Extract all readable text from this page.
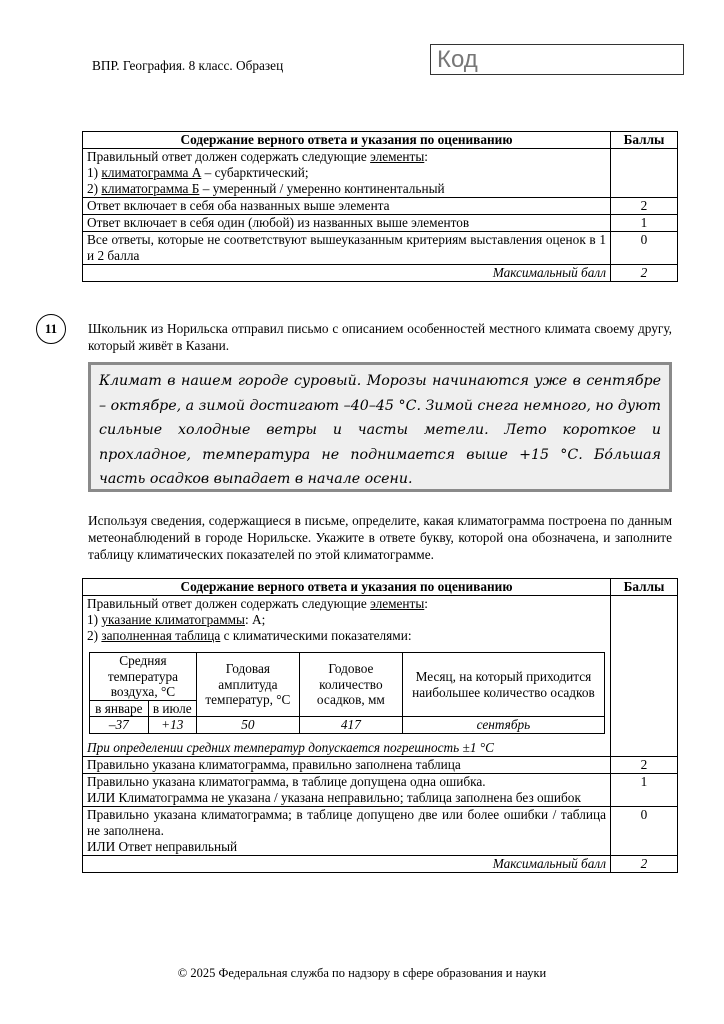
ВПР. География. 8 класс. Образец	Код
Содержание верного ответа и указания по оцениванию	Баллы
Правильный ответ должен содержать следующие элементы:
1) климатограмма А – субарктический;
2) климатограмма Б – умеренный / умеренно континентальный	
Ответ включает в себя оба названных выше элемента	2
Ответ включает в себя один (любой) из названных выше элементов	1
Все ответы, которые не соответствуют вышеуказанным критериям выставления оценок в 1 и 2 балла	0
Максимальный балл	2
11	Школьник из Норильска отправил письмо с описанием особенностей местного климата своему другу, который живёт в Казани.
Климат в нашем городе суровый. Морозы начинаются уже в сентябре – октябре, а зимой достигают –40–45 °С. Зимой снега немного, но дуют сильные холодные ветры и часты метели. Лето короткое и прохладное, температура не поднимается выше +15 °С. Бо́льшая часть осадков выпадает в начале осени.
Используя сведения, содержащиеся в письме, определите, какая климатограмма построена по данным метеонаблюдений в городе Норильске. Укажите в ответе букву, которой она обозначена, и заполните таблицу климатических показателей по этой климатограмме.
Содержание верного ответа и указания по оцениванию	Баллы
Правильный ответ должен содержать следующие элементы:
1) указание климатограммы: А;
2) заполненная таблица с климатическими показателями:
Средняя температура воздуха, °С	Годовая амплитуда температур, °С	Годовое количество осадков, мм	Месяц, на который приходится наибольшее количество осадков
в январе	в июле
–37	+13	50	417	сентябрь
При определении средних температур допускается погрешность ±1 °С	
Правильно указана климатограмма, правильно заполнена таблица	2
Правильно указана климатограмма, в таблице допущена одна ошибка.
ИЛИ Климатограмма не указана / указана неправильно; таблица заполнена без ошибок	1
Правильно указана климатограмма; в таблице допущено две или более ошибки / таблица не заполнена.
ИЛИ Ответ неправильный	0
Максимальный балл	2
© 2025 Федеральная служба по надзору в сфере образования и науки
